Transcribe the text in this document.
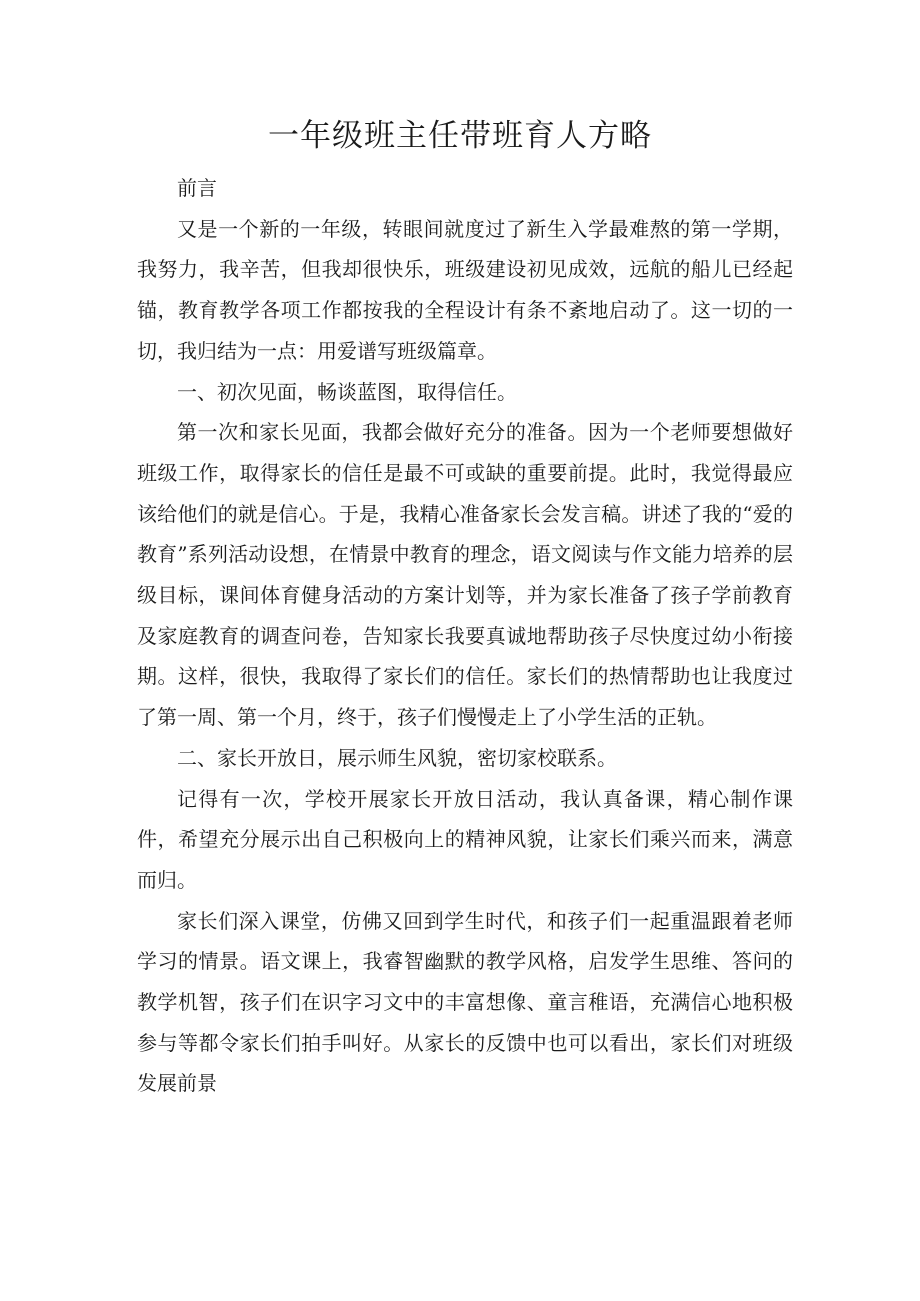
一年级班主任带班育人方略

前言

又是一个新的一年级，转眼间就度过了新生入学最难熬的第一学期，我努力，我辛苦，但我却很快乐，班级建设初见成效，远航的船儿已经起锚，教育教学各项工作都按我的全程设计有条不紊地启动了。这一切的一切，我归结为一点：用爱谱写班级篇章。

一、初次见面，畅谈蓝图，取得信任。

第一次和家长见面，我都会做好充分的准备。因为一个老师要想做好班级工作，取得家长的信任是最不可或缺的重要前提。此时，我觉得最应该给他们的就是信心。于是，我精心准备家长会发言稿。讲述了我的“爱的教育”系列活动设想，在情景中教育的理念，语文阅读与作文能力培养的层级目标，课间体育健身活动的方案计划等，并为家长准备了孩子学前教育及家庭教育的调查问卷，告知家长我要真诚地帮助孩子尽快度过幼小衔接期。这样，很快，我取得了家长们的信任。家长们的热情帮助也让我度过了第一周、第一个月，终于，孩子们慢慢走上了小学生活的正轨。

二、家长开放日，展示师生风貌，密切家校联系。

记得有一次，学校开展家长开放日活动，我认真备课，精心制作课件，希望充分展示出自己积极向上的精神风貌，让家长们乘兴而来，满意而归。

家长们深入课堂，仿佛又回到学生时代，和孩子们一起重温跟着老师学习的情景。语文课上，我睿智幽默的教学风格，启发学生思维、答问的教学机智，孩子们在识字习文中的丰富想像、童言稚语，充满信心地积极参与等都令家长们拍手叫好。从家长的反馈中也可以看出，家长们对班级发展前景
